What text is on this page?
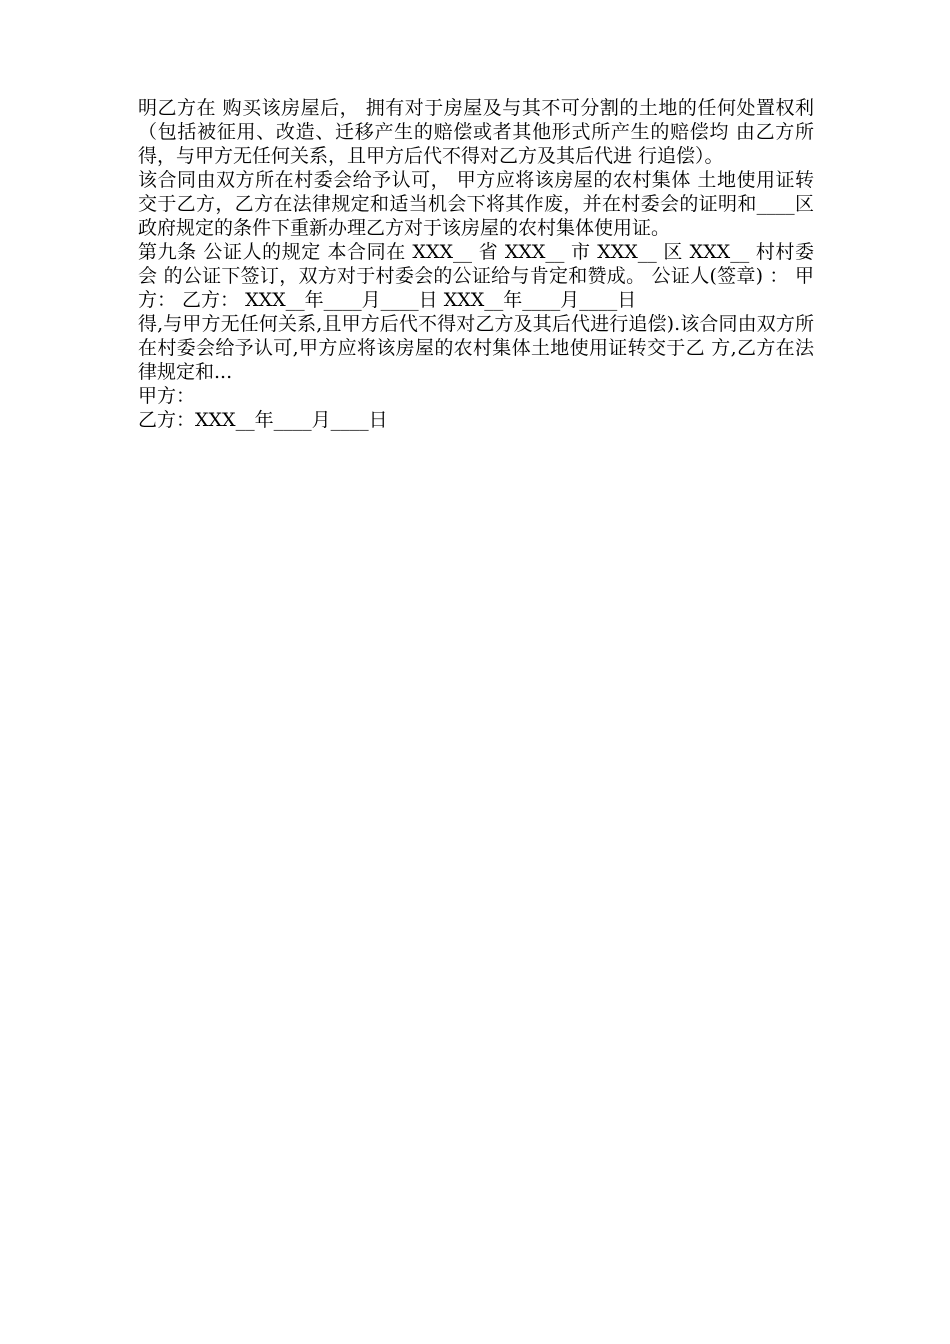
明乙方在 购买该房屋后， 拥有对于房屋及与其不可分割的土地的任何处置权利（包括被征用、改造、迁移产生的赔偿或者其他形式所产生的赔偿均 由乙方所得，与甲方无任何关系，且甲方后代不得对乙方及其后代进 行追偿）。

该合同由双方所在村委会给予认可， 甲方应将该房屋的农村集体 土地使用证转交于乙方，乙方在法律规定和适当机会下将其作废，并在村委会的证明和____区政府规定的条件下重新办理乙方对于该房屋的农村集体使用证。

第九条 公证人的规定 本合同在 XXX__ 省 XXX__ 市 XXX__ 区 XXX__ 村村委会 的公证下签订，双方对于村委会的公证给与肯定和赞成。 公证人(签章) ： 甲方： 乙方： XXX__年____月____日 XXX__年____月____日

得,与甲方无任何关系,且甲方后代不得对乙方及其后代进行追偿).该合同由双方所在村委会给予认可,甲方应将该房屋的农村集体土地使用证转交于乙 方,乙方在法律规定和...

甲方：

乙方：XXX__年____月____日
